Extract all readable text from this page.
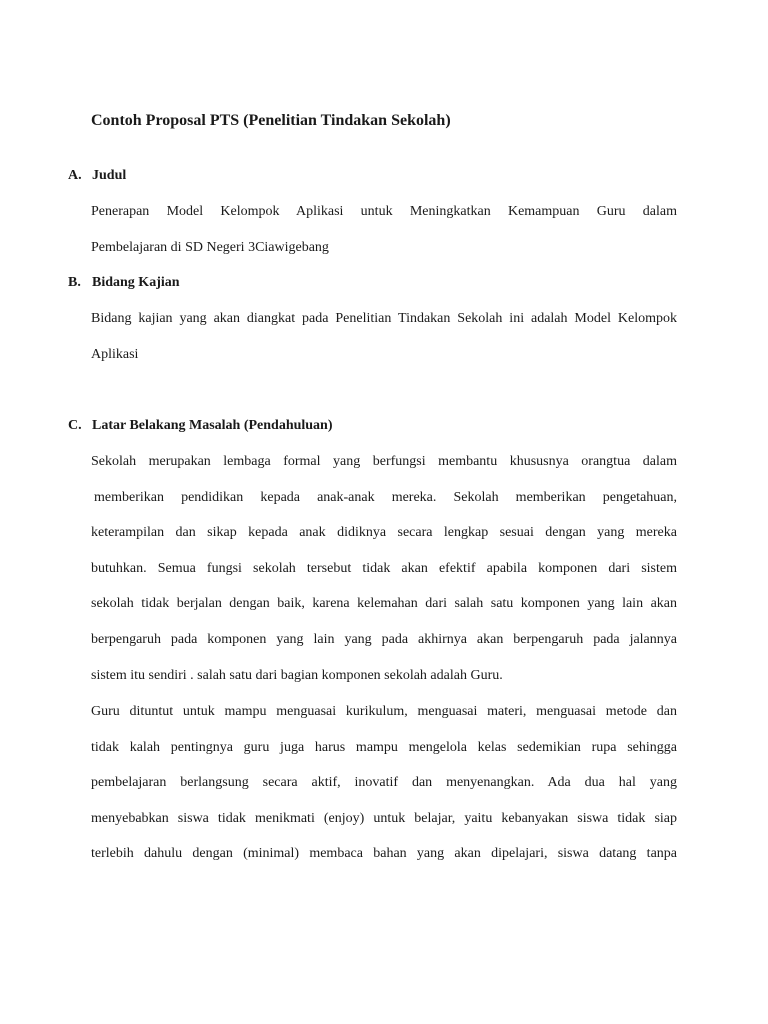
Contoh Proposal PTS (Penelitian Tindakan Sekolah)
A. Judul
Penerapan Model Kelompok Aplikasi untuk Meningkatkan Kemampuan Guru dalam
Pembelajaran di SD Negeri 3Ciawigebang
B. Bidang Kajian
Bidang kajian yang akan diangkat pada Penelitian Tindakan Sekolah ini adalah Model Kelompok
Aplikasi
C. Latar Belakang Masalah (Pendahuluan)
Sekolah merupakan lembaga formal yang berfungsi membantu khususnya orangtua dalam
memberikan pendidikan kepada anak-anak mereka. Sekolah memberikan pengetahuan,
keterampilan dan sikap kepada anak didiknya secara lengkap sesuai dengan yang mereka
butuhkan. Semua fungsi sekolah tersebut tidak akan efektif apabila komponen dari sistem
sekolah tidak berjalan dengan baik, karena kelemahan dari salah satu komponen yang lain akan
berpengaruh pada komponen yang lain yang pada akhirnya akan berpengaruh pada jalannya
sistem itu sendiri . salah satu dari bagian komponen sekolah adalah Guru.
Guru dituntut untuk mampu menguasai kurikulum, menguasai materi, menguasai metode dan
tidak kalah pentingnya guru juga harus mampu mengelola kelas sedemikian rupa sehingga
pembelajaran berlangsung secara aktif, inovatif dan menyenangkan. Ada dua hal yang
menyebabkan siswa tidak menikmati (enjoy) untuk belajar, yaitu kebanyakan siswa tidak siap
terlebih dahulu dengan (minimal) membaca bahan yang akan dipelajari, siswa datang tanpa
